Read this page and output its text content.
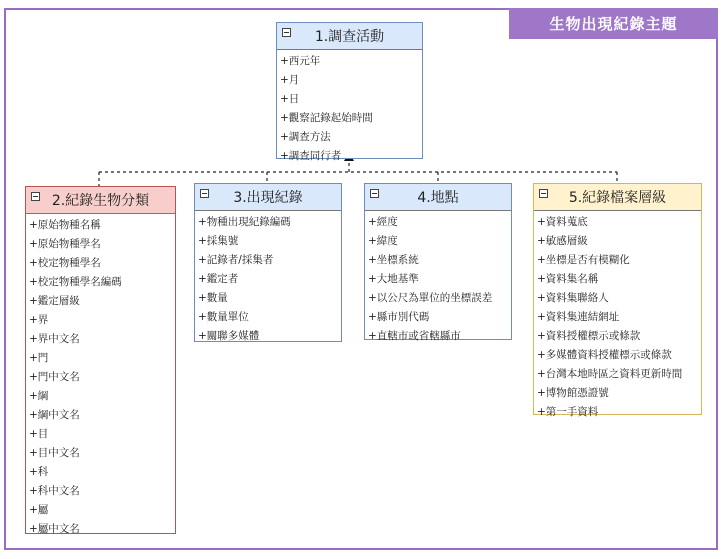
生物出現紀錄主題
1.調查活動
+西元年
+月
+日
+觀察記錄起始時間
+調查方法
+調查同行者
2.紀錄生物分類
+原始物種名稱
+原始物種學名
+校定物種學名
+校定物種學名編碼
+鑑定層級
+界
+界中文名
+門
+門中文名
+綱
+綱中文名
+目
+目中文名
+科
+科中文名
+屬
+屬中文名
3.出現紀錄
+物種出現紀錄編碼
+採集號
+記錄者/採集者
+鑑定者
+數量
+數量單位
+關聯多媒體
4.地點
+經度
+緯度
+坐標系統
+大地基準
+以公尺為單位的坐標誤差
+縣市別代碼
+直轄市或省轄縣市
5.紀錄檔案層級
+資料蒐底
+敏感層級
+坐標是否有模糊化
+資料集名稱
+資料集聯絡人
+資料集連結網址
+資料授權標示或條款
+多媒體資料授權標示或條款
+台灣本地時區之資料更新時間
+博物館憑證號
+第一手資料
